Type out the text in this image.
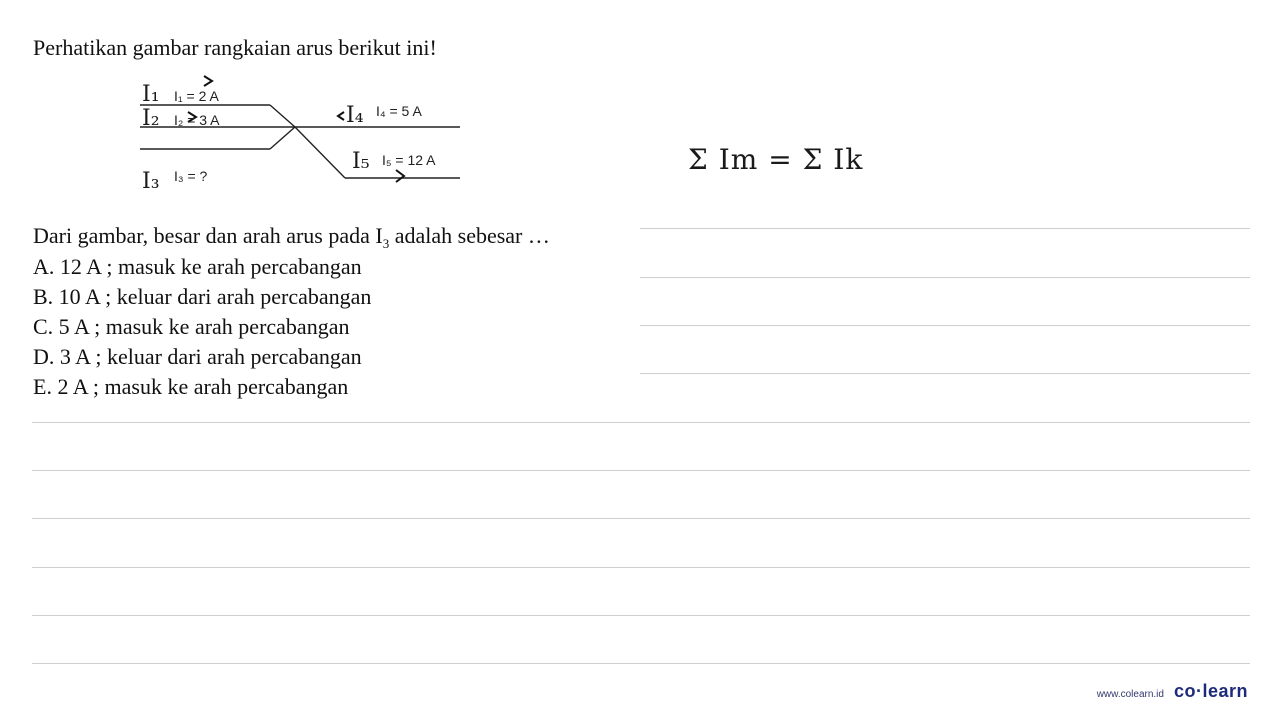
Perhatikan gambar rangkaian arus berikut ini!
I₁ I₁ = 2 A
I₂ I₂ = 3 A
I₃ I₃ = ?
I₄ I₄ = 5 A
I₅ I₅ = 12 A	Σ Im = Σ Ik
Dari gambar, besar dan arah arus pada $I_3$ adalah sebesar …
A. 12 A ; masuk ke arah percabangan
B. 10 A ; keluar dari arah percabangan
C. 5 A ; masuk ke arah percabangan
D. 3 A ; keluar dari arah percabangan
E. 2 A ; masuk ke arah percabangan
www.colearn.id co·learn
